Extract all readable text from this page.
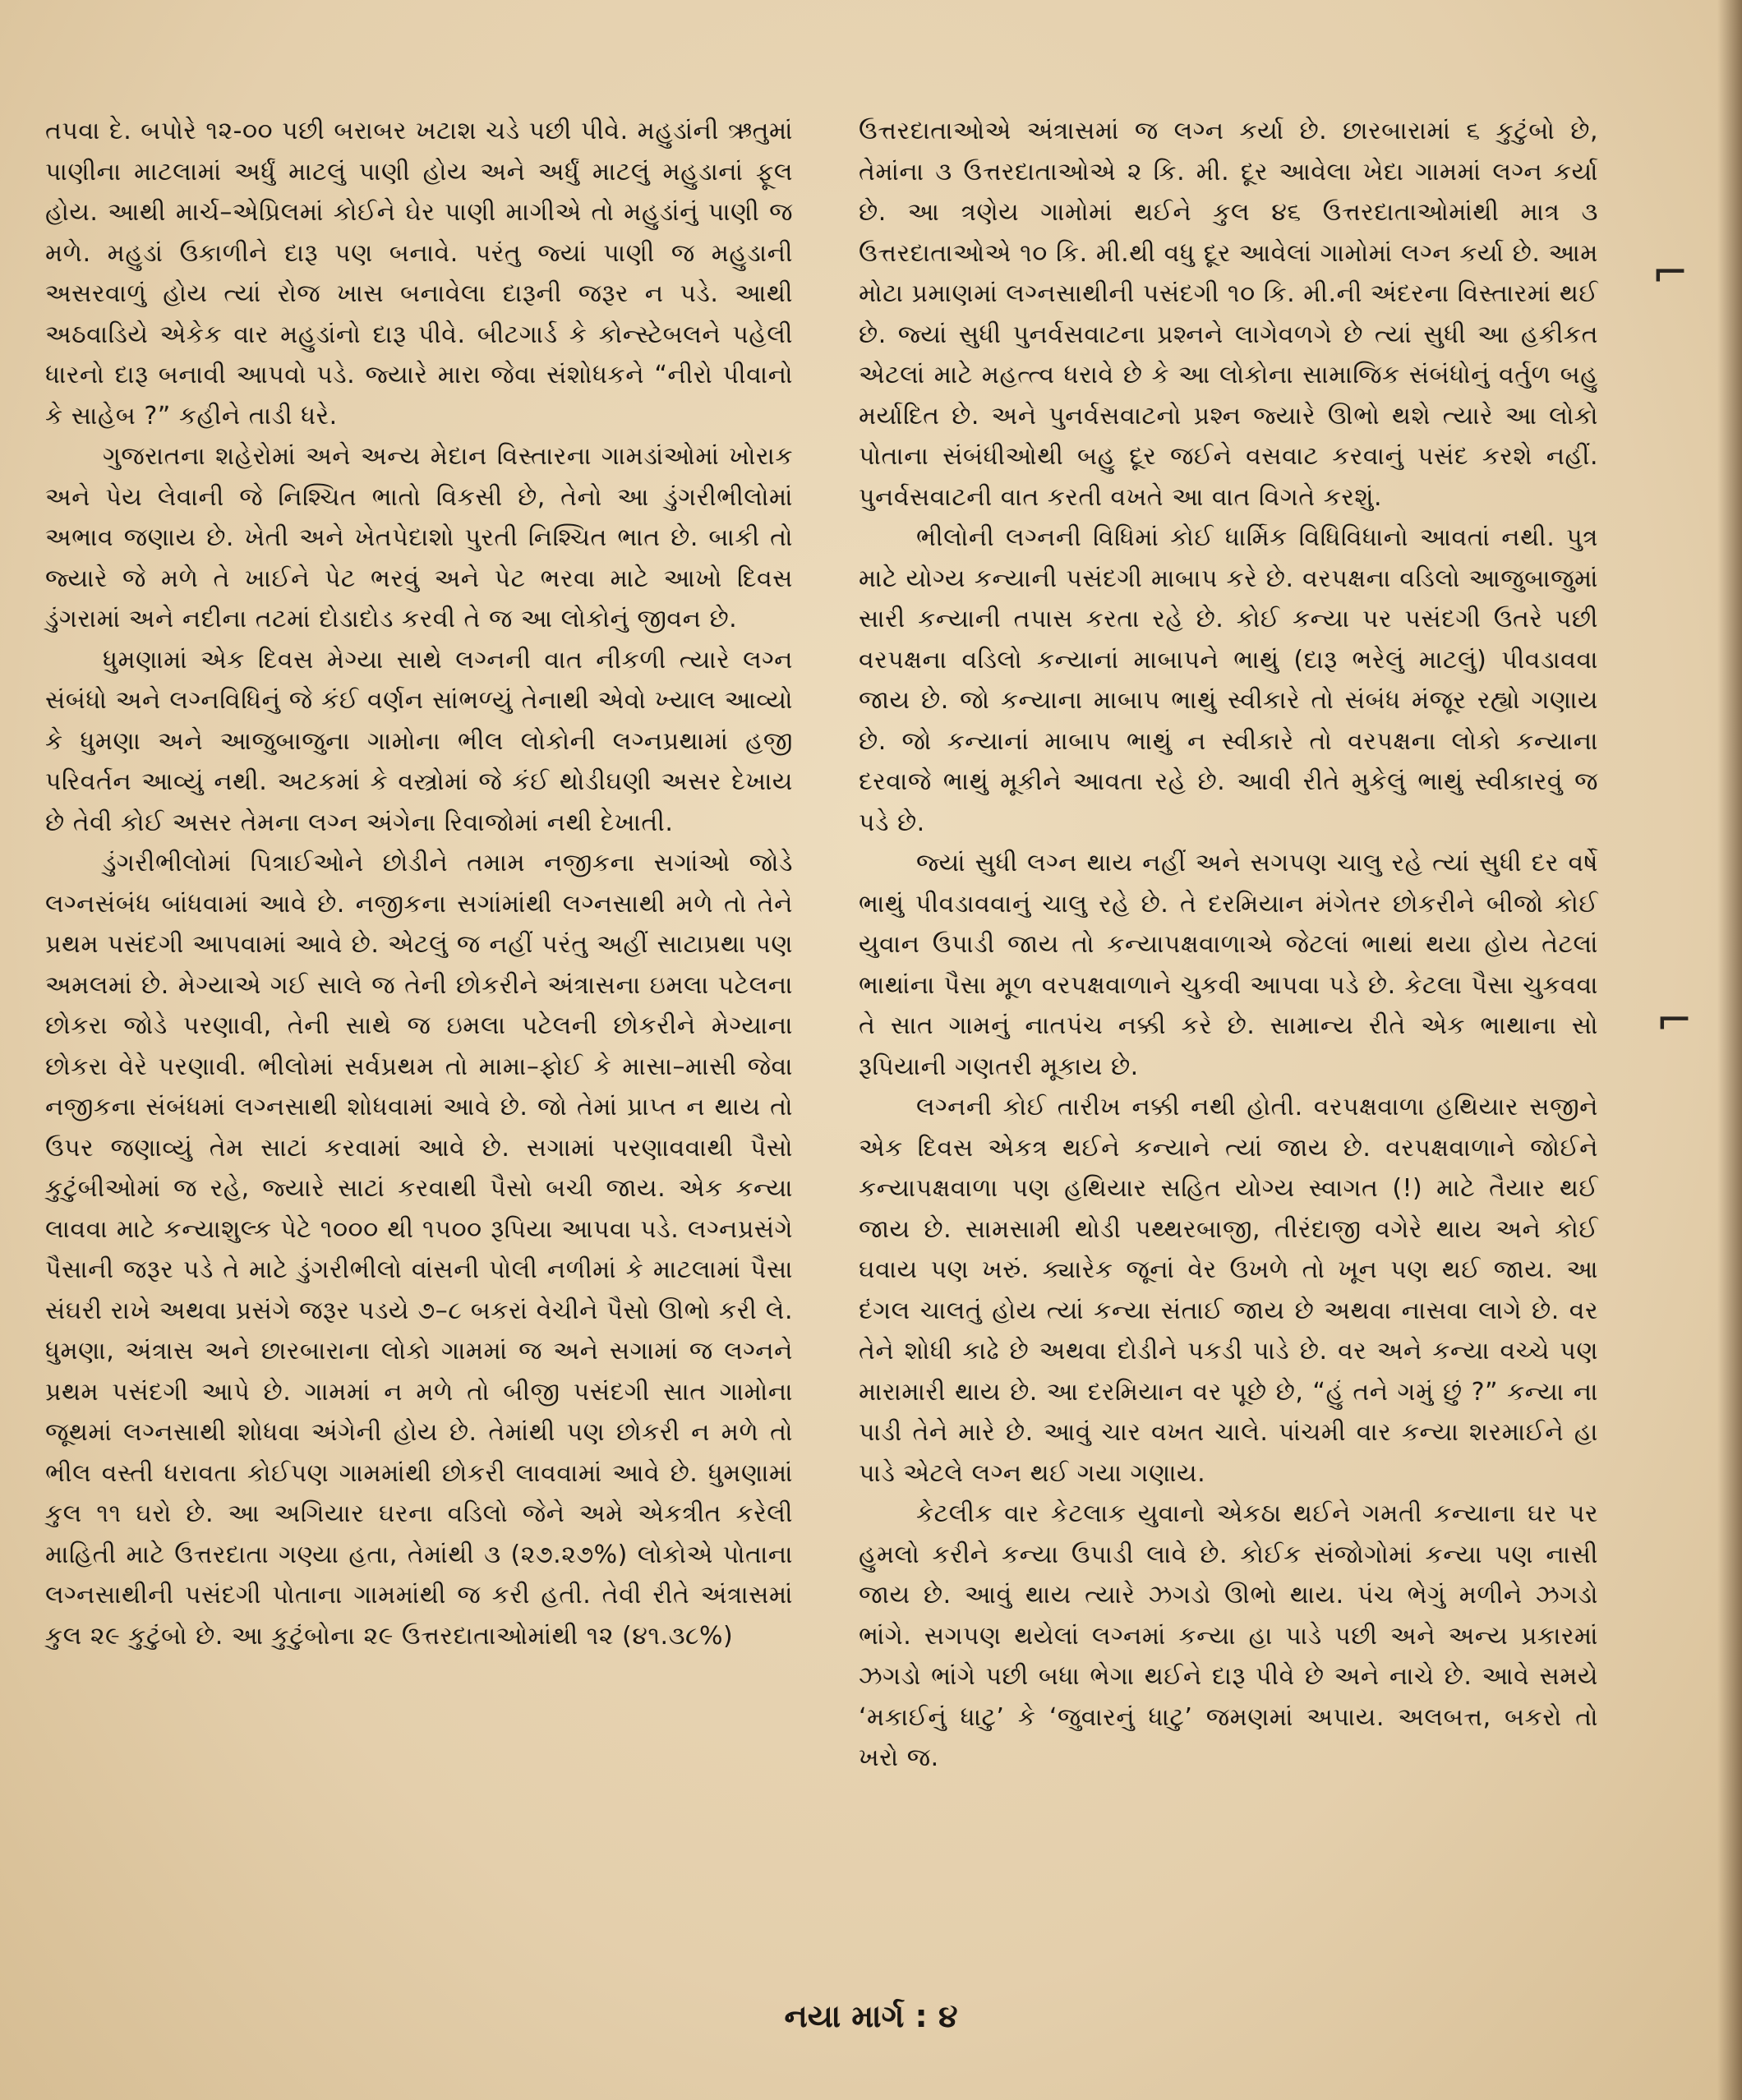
તપવા દે. બપોરે ૧૨-૦૦ પછી બરાબર ખટાશ ચડે પછી પીવે. મહુડાંની ઋતુમાં પાણીના માટલામાં અર્ધું માટલું પાણી હોય અને અર્ધું માટલું મહુડાનાં ફૂલ હોય. આથી માર્ચ–એપ્રિલમાં કોઈને ઘેર પાણી માગીએ તો મહુડાંનું પાણી જ મળે. મહુડાં ઉકાળીને દારૂ પણ બનાવે. પરંતુ જ્યાં પાણી જ મહુડાની અસરવાળું હોય ત્યાં રોજ ખાસ બનાવેલા દારૂની જરૂર ન પડે. આથી અઠવાડિયે એકેક વાર મહુડાંનો દારૂ પીવે. બીટગાર્ડ કે કોન્સ્ટેબલને પહેલી ધારનો દારૂ બનાવી આપવો પડે. જ્યારે મારા જેવા સંશોધકને “નીરો પીવાનો કે સાહેબ ?” કહીને તાડી ધરે.

ગુજરાતના શહેરોમાં અને અન્ય મેદાન વિસ્તારના ગામડાંઓમાં ખોરાક અને પેય લેવાની જે નિશ્ચિત ભાતો વિકસી છે, તેનો આ ડુંગરીભીલોમાં અભાવ જણાય છે. ખેતી અને ખેતપેદાશો પુરતી નિશ્ચિત ભાત છે. બાકી તો જ્યારે જે મળે તે ખાઈને પેટ ભરવું અને પેટ ભરવા માટે આખો દિવસ ડુંગરામાં અને નદીના તટમાં દોડાદોડ કરવી તે જ આ લોકોનું જીવન છે.

ધુમણામાં એક દિવસ મેગ્યા સાથે લગ્નની વાત નીકળી ત્યારે લગ્ન સંબંધો અને લગ્નવિધિનું જે કંઈ વર્ણન સાંભળ્યું તેનાથી એવો ખ્યાલ આવ્યો કે ધુમણા અને આજુબાજુના ગામોના ભીલ લોકોની લગ્નપ્રથામાં હજી પરિવર્તન આવ્યું નથી. અટકમાં કે વસ્ત્રોમાં જે કંઈ થોડીઘણી અસર દેખાય છે તેવી કોઈ અસર તેમના લગ્ન અંગેના રિવાજોમાં નથી દેખાતી.

ડુંગરીભીલોમાં પિત્રાઈઓને છોડીને તમામ નજીકના સગાંઓ જોડે લગ્નસંબંધ બાંધવામાં આવે છે. નજીકના સગાંમાંથી લગ્નસાથી મળે તો તેને પ્રથમ પસંદગી આપવામાં આવે છે. એટલું જ નહીં પરંતુ અહીં સાટાપ્રથા પણ અમલમાં છે. મેગ્યાએ ગઈ સાલે જ તેની છોકરીને અંત્રાસના ઇમલા પટેલના છોકરા જોડે પરણાવી, તેની સાથે જ ઇમલા પટેલની છોકરીને મેગ્યાના છોકરા વેરે પરણાવી. ભીલોમાં સર્વપ્રથમ તો મામા–ફોઈ કે માસા–માસી જેવા નજીકના સંબંધમાં લગ્નસાથી શોધવામાં આવે છે. જો તેમાં પ્રાપ્ત ન થાય તો ઉપર જણાવ્યું તેમ સાટાં કરવામાં આવે છે. સગામાં પરણાવવાથી પૈસો કુટુંબીઓમાં જ રહે, જ્યારે સાટાં કરવાથી પૈસો બચી જાય. એક કન્યા લાવવા માટે કન્યાશુલ્ક પેટે ૧૦૦૦ થી ૧૫૦૦ રૂપિયા આપવા પડે. લગ્નપ્રસંગે પૈસાની જરૂર પડે તે માટે ડુંગરીભીલો વાંસની પોલી નળીમાં કે માટલામાં પૈસા સંઘરી રાખે અથવા પ્રસંગે જરૂર પડયે ૭–૮ બકરાં વેચીને પૈસો ઊભો કરી લે. ધુમણા, અંત્રાસ અને છારબારાના લોકો ગામમાં જ અને સગામાં જ લગ્નને પ્રથમ પસંદગી આપે છે. ગામમાં ન મળે તો બીજી પસંદગી સાત ગામોના જૂથમાં લગ્નસાથી શોધવા અંગેની હોય છે. તેમાંથી પણ છોકરી ન મળે તો ભીલ વસ્તી ધરાવતા કોઈપણ ગામમાંથી છોકરી લાવવામાં આવે છે. ધુમણામાં કુલ ૧૧ ઘરો છે. આ અગિયાર ઘરના વડિલો જેને અમે એકત્રીત કરેલી માહિતી માટે ઉત્તરદાતા ગણ્યા હતા, તેમાંથી ૩ (૨૭.૨૭%) લોકોએ પોતાના લગ્નસાથીની પસંદગી પોતાના ગામમાંથી જ કરી હતી. તેવી રીતે અંત્રાસમાં કુલ ૨૯ કુટુંબો છે. આ કુટુંબોના ૨૯ ઉત્તરદાતાઓમાંથી ૧૨ (૪૧.૩૮%)

ઉત્તરદાતાઓએ અંત્રાસમાં જ લગ્ન કર્યા છે. છારબારામાં ૬ કુટુંબો છે, તેમાંના ૩ ઉત્તરદાતાઓએ ૨ કિ. મી. દૂર આવેલા ખેદા ગામમાં લગ્ન કર્યા છે. આ ત્રણેય ગામોમાં થઈને કુલ ૪૬ ઉત્તરદાતાઓમાંથી માત્ર ૩ ઉત્તરદાતાઓએ ૧૦ કિ. મી.થી વધુ દૂર આવેલાં ગામોમાં લગ્ન કર્યા છે. આમ મોટા પ્રમાણમાં લગ્નસાથીની પસંદગી ૧૦ કિ. મી.ની અંદરના વિસ્તારમાં થઈ છે. જ્યાં સુધી પુનર્વસવાટના પ્રશ્નને લાગેવળગે છે ત્યાં સુધી આ હકીકત એટલાં માટે મહત્ત્વ ધરાવે છે કે આ લોકોના સામાજિક સંબંધોનું વર્તુળ બહુ મર્યાદિત છે. અને પુનર્વસવાટનો પ્રશ્ન જ્યારે ઊભો થશે ત્યારે આ લોકો પોતાના સંબંધીઓથી બહુ દૂર જઈને વસવાટ કરવાનું પસંદ કરશે નહીં. પુનર્વસવાટની વાત કરતી વખતે આ વાત વિગતે કરશું.

ભીલોની લગ્નની વિધિમાં કોઈ ધાર્મિક વિધિવિધાનો આવતાં નથી. પુત્ર માટે યોગ્ય કન્યાની પસંદગી માબાપ કરે છે. વરપક્ષના વડિલો આજુબાજુમાં સારી કન્યાની તપાસ કરતા રહે છે. કોઈ કન્યા પર પસંદગી ઉતરે પછી વરપક્ષના વડિલો કન્યાનાં માબાપને ભાથું (દારૂ ભરેલું માટલું) પીવડાવવા જાય છે. જો કન્યાના માબાપ ભાથું સ્વીકારે તો સંબંધ મંજૂર રહ્યો ગણાય છે. જો કન્યાનાં માબાપ ભાથું ન સ્વીકારે તો વરપક્ષના લોકો કન્યાના દરવાજે ભાથું મૂકીને આવતા રહે છે. આવી રીતે મુકેલું ભાથું સ્વીકારવું જ પડે છે.

જ્યાં સુધી લગ્ન થાય નહીં અને સગપણ ચાલુ રહે ત્યાં સુધી દર વર્ષે ભાથું પીવડાવવાનું ચાલુ રહે છે. તે દરમિયાન મંગેતર છોકરીને બીજો કોઈ યુવાન ઉપાડી જાય તો કન્યાપક્ષવાળાએ જેટલાં ભાથાં થયા હોય તેટલાં ભાથાંના પૈસા મૂળ વરપક્ષવાળાને ચુકવી આપવા પડે છે. કેટલા પૈસા ચુકવવા તે સાત ગામનું નાતપંચ નક્કી કરે છે. સામાન્ય રીતે એક ભાથાના સો રૂપિયાની ગણતરી મૂકાય છે.

લગ્નની કોઈ તારીખ નક્કી નથી હોતી. વરપક્ષવાળા હથિયાર સજીને એક દિવસ એકત્ર થઈને કન્યાને ત્યાં જાય છે. વરપક્ષવાળાને જોઈને કન્યાપક્ષવાળા પણ હથિયાર સહિત યોગ્ય સ્વાગત (!) માટે તૈયાર થઈ જાય છે. સામસામી થોડી પથ્થરબાજી, તીરંદાજી વગેરે થાય અને કોઈ ઘવાય પણ ખરું. ક્યારેક જૂનાં વેર ઉખળે તો ખૂન પણ થઈ જાય. આ દંગલ ચાલતું હોય ત્યાં કન્યા સંતાઈ જાય છે અથવા નાસવા લાગે છે. વર તેને શોધી કાઢે છે અથવા દોડીને પકડી પાડે છે. વર અને કન્યા વચ્ચે પણ મારામારી થાય છે. આ દરમિયાન વર પૂછે છે, “હું તને ગમું છું ?” કન્યા ના પાડી તેને મારે છે. આવું ચાર વખત ચાલે. પાંચમી વાર કન્યા શરમાઈને હા પાડે એટલે લગ્ન થઈ ગયા ગણાય.

કેટલીક વાર કેટલાક યુવાનો એકઠા થઈને ગમતી કન્યાના ઘર પર હુમલો કરીને કન્યા ઉપાડી લાવે છે. કોઈક સંજોગોમાં કન્યા પણ નાસી જાય છે. આવું થાય ત્યારે ઝગડો ઊભો થાય. પંચ ભેગું મળીને ઝગડો ભાંગે. સગપણ થયેલાં લગ્નમાં કન્યા હા પાડે પછી અને અન્ય પ્રકારમાં ઝગડો ભાંગે પછી બધા ભેગા થઈને દારૂ પીવે છે અને નાચે છે. આવે સમયે ‘મકાઈનું ધાટુ’ કે ‘જુવારનું ધાટુ’ જમણમાં અપાય. અલબત્ત, બકરો તો ખરો જ.

⌐
⌐
નયા માર્ગ : ૪
